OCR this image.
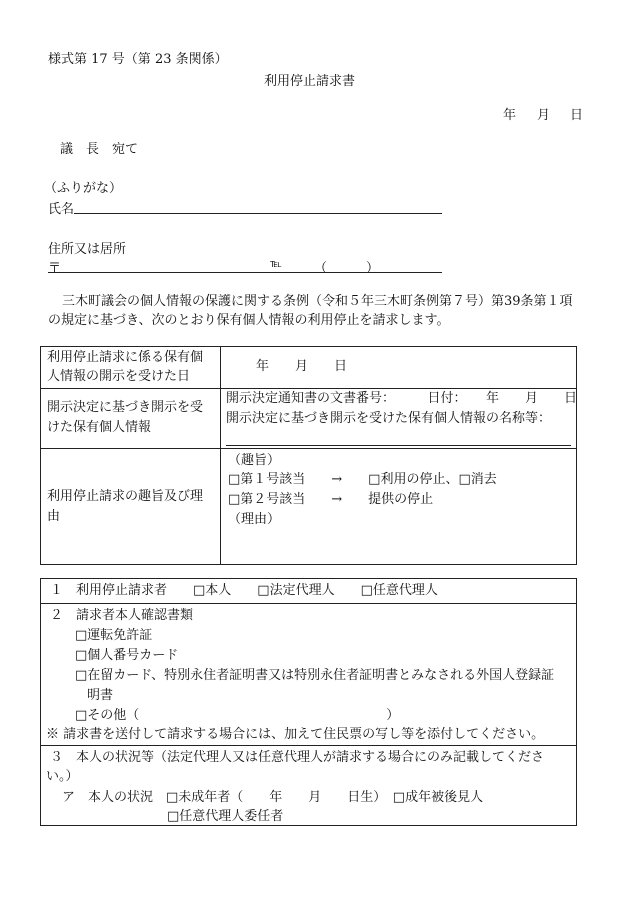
様式第 17 号（第 23 条関係）
利用停止請求書
年 月 日
議　長　宛て
（ふりがな）
氏名
住所又は居所
〒	℡ （　　　）
三木町議会の個人情報の保護に関する条例（令和５年三木町条例第７号）第39条第１項
の規定に基づき、次のとおり保有個人情報の利用停止を請求します。
利用停止請求に係る保有個
人情報の開示を受けた日
年　　月　　日
開示決定に基づき開示を受
けた保有個人情報
開示決定通知書の文書番号：　　　日付：　　年　　月　　日
開示決定に基づき開示を受けた保有個人情報の名称等：
利用停止請求の趣旨及び理
由
（趣旨）
□第１号該当　　→　　□利用の停止、□消去
□第２号該当　　→　　提供の停止
（理由）
１　利用停止請求者　　□本人　　□法定代理人　　□任意代理人
２　請求者本人確認書類
□運転免許証
□個人番号カード
□在留カード、特別永住者証明書又は特別永住者証明書とみなされる外国人登録証
明書
□その他（　　　　　　　　　　　　　　　　　　　）
※ 請求書を送付して請求する場合には、加えて住民票の写し等を添付してください。
３　本人の状況等（法定代理人又は任意代理人が請求する場合にのみ記載してくださ
い。）
ア　本人の状況　□未成年者（　　年　　月　　日生）　□成年被後見人
□任意代理人委任者
